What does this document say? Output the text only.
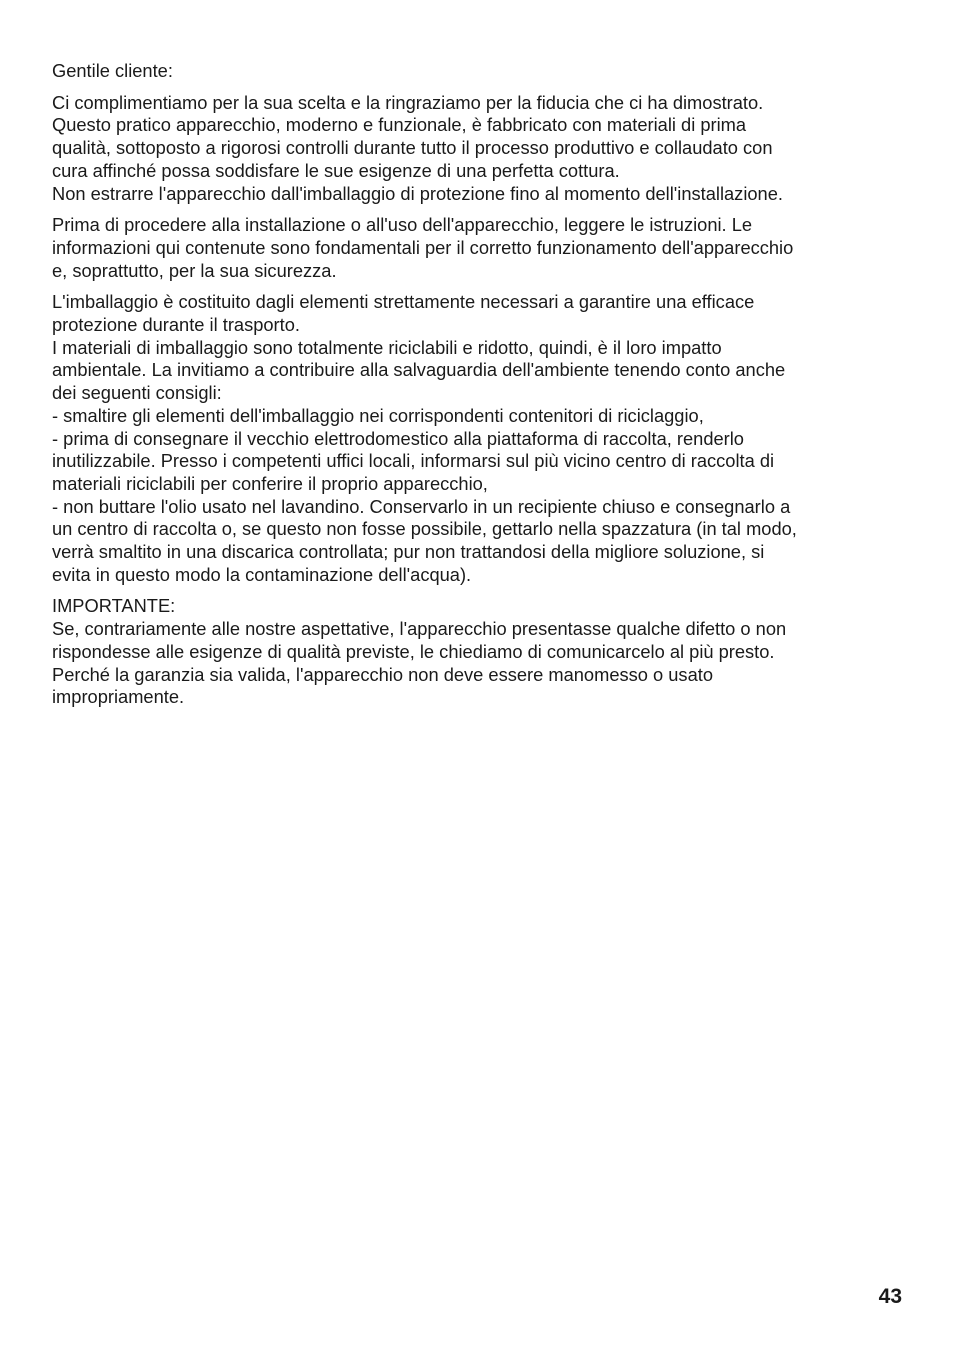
Gentile cliente:

Ci complimentiamo per la sua scelta e la ringraziamo per la fiducia che ci ha dimostrato.
Questo pratico apparecchio, moderno e funzionale, è fabbricato con materiali di prima
qualità, sottoposto a rigorosi controlli durante tutto il processo produttivo e collaudato con
cura affinché possa soddisfare le sue esigenze di una perfetta cottura.
Non estrarre l'apparecchio dall'imballaggio di protezione fino al momento dell'installazione.

Prima di procedere alla installazione o all'uso dell'apparecchio, leggere le istruzioni. Le
informazioni qui contenute sono fondamentali per il corretto funzionamento dell'apparecchio
e, soprattutto, per la sua sicurezza.

L'imballaggio è costituito dagli elementi strettamente necessari a garantire una efficace
protezione durante il trasporto.
I materiali di imballaggio sono totalmente riciclabili e ridotto, quindi, è il loro impatto
ambientale. La invitiamo a contribuire alla salvaguardia dell'ambiente tenendo conto anche
dei seguenti consigli:
- smaltire gli elementi dell'imballaggio nei corrispondenti contenitori di riciclaggio,
- prima di consegnare il vecchio elettrodomestico alla piattaforma di raccolta, renderlo
inutilizzabile. Presso i competenti uffici locali, informarsi sul più vicino centro di raccolta di
materiali riciclabili per conferire il proprio apparecchio,
- non buttare l'olio usato nel lavandino. Conservarlo in un recipiente chiuso e consegnarlo a
un centro di raccolta o, se questo non fosse possibile, gettarlo nella spazzatura (in tal modo,
verrà smaltito in una discarica controllata; pur non trattandosi della migliore soluzione, si
evita in questo modo la contaminazione dell'acqua).

IMPORTANTE:
Se, contrariamente alle nostre aspettative, l'apparecchio presentasse qualche difetto o non
rispondesse alle esigenze di qualità previste, le chiediamo di comunicarcelo al più presto.
Perché la garanzia sia valida, l'apparecchio non deve essere manomesso o usato
impropriamente.

43
